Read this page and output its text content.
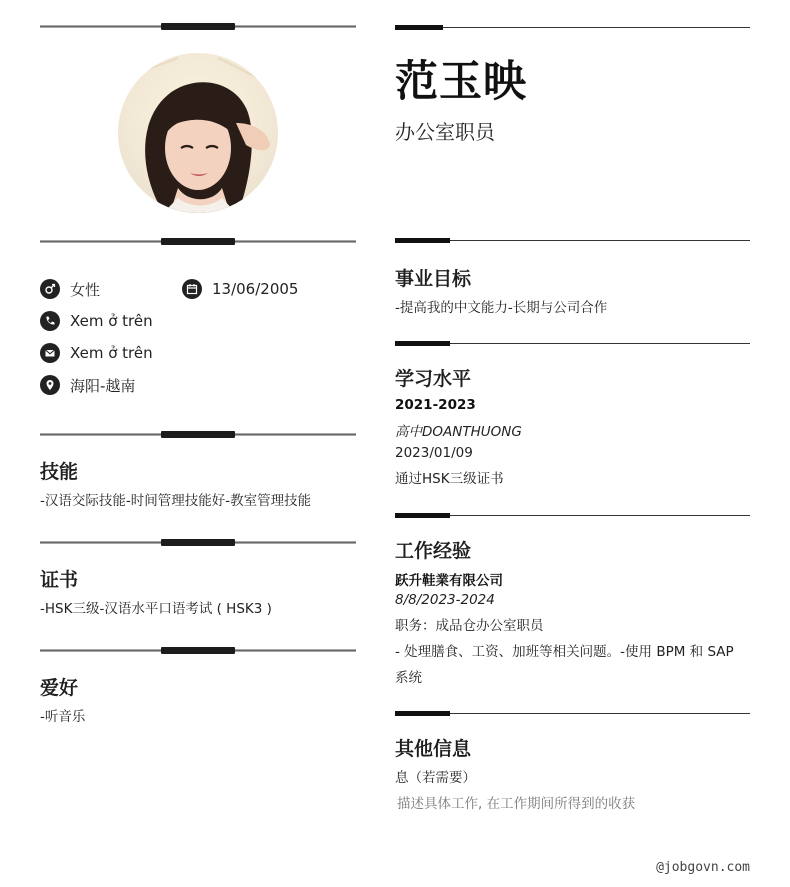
女性	13/06/2005
Xem ở trên
Xem ở trên
海阳-越南
技能
-汉语交际技能-时间管理技能好-教室管理技能
证书
-HSK三级-汉语水平口语考试 ( HSK3 )
爱好
-听音乐
范玉映
办公室职员
事业目标
-提高我的中文能力-长期与公司合作
学习水平
2021-2023
高中DOANTHUONG
2023/01/09
通过HSK三级证书
工作经验
跃升鞋業有限公司
8/8/2023-2024
职务：成品仓办公室职员
- 处理膳食、工资、加班等相关问题。-使用 BPM 和 SAP
系统
其他信息
息（若需要）
描述具体工作, 在工作期间所得到的收获
@jobgovn.com
